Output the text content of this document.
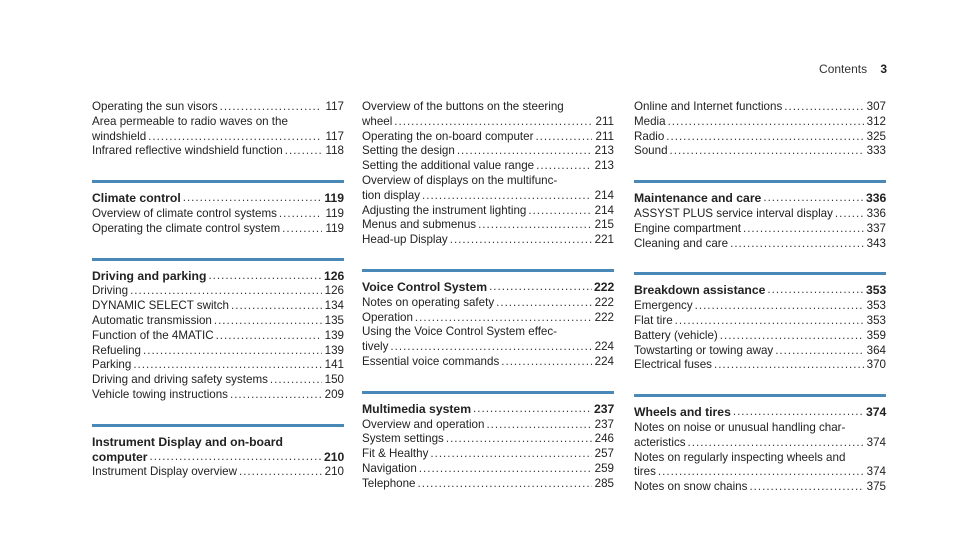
Contents 3
Operating the sun visors .....	117
Area permeable to radio waves on the
windshield .....	117
Infrared reflective windshield function .....	118
Climate control .....	119
Overview of climate control systems .....	119
Operating the climate control system .....	119
Driving and parking .....	126
Driving .....	126
DYNAMIC SELECT switch .....	134
Automatic transmission .....	135
Function of the 4MATIC .....	139
Refueling .....	139
Parking .....	141
Driving and driving safety systems .....	150
Vehicle towing instructions .....	209
Instrument Display and on-board
computer .....	210
Instrument Display overview .....	210
Overview of the buttons on the steering
wheel .....	211
Operating the on-board computer .....	211
Setting the design .....	213
Setting the additional value range .....	213
Overview of displays on the multifunc-
tion display .....	214
Adjusting the instrument lighting .....	214
Menus and submenus .....	215
Head-up Display .....	221
Voice Control System .....	222
Notes on operating safety .....	222
Operation .....	222
Using the Voice Control System effec-
tively .....	224
Essential voice commands .....	224
Multimedia system .....	237
Overview and operation .....	237
System settings .....	246
Fit & Healthy .....	257
Navigation .....	259
Telephone .....	285
Online and Internet functions .....	307
Media .....	312
Radio .....	325
Sound .....	333
Maintenance and care .....	336
ASSYST PLUS service interval display .....	336
Engine compartment .....	337
Cleaning and care .....	343
Breakdown assistance .....	353
Emergency .....	353
Flat tire .....	353
Battery (vehicle) .....	359
Towstarting or towing away .....	364
Electrical fuses .....	370
Wheels and tires .....	374
Notes on noise or unusual handling char-
acteristics .....	374
Notes on regularly inspecting wheels and
tires .....	374
Notes on snow chains .....	375
